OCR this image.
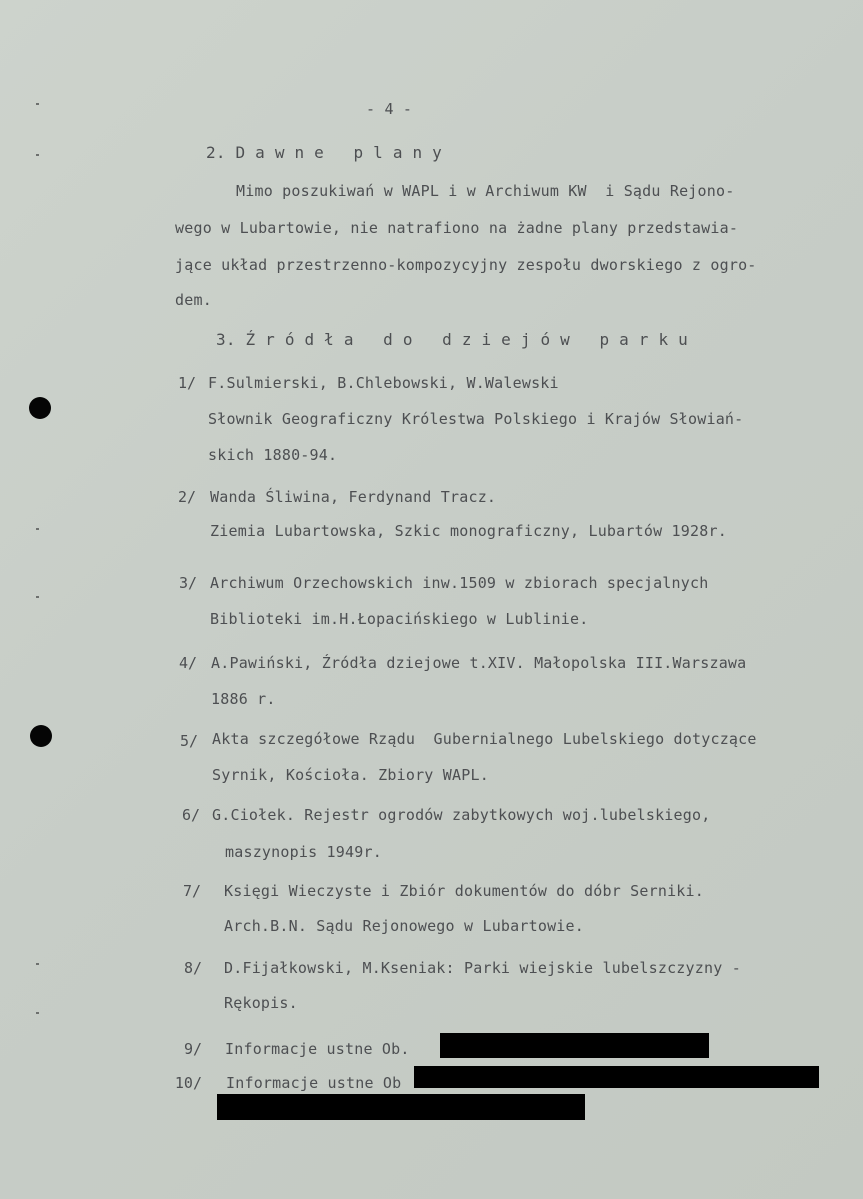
- 4 -
2. D a w n e   p l a n y
Mimo poszukiwań w WAPL i w Archiwum KW  i Sądu Rejono-
wego w Lubartowie, nie natrafiono na żadne plany przedstawia-
jące układ przestrzenno-kompozycyjny zespołu dworskiego z ogro-
dem.
3. Ź r ó d ł a   d o   d z i e j ó w   p a r k u
1/ F.Sulmierski, B.Chlebowski, W.Walewski
Słownik Geograficzny Królestwa Polskiego i Krajów Słowiań-
skich 1880-94.
2/ Wanda Śliwina, Ferdynand Tracz.
Ziemia Lubartowska, Szkic monograficzny, Lubartów 1928r.
3/ Archiwum Orzechowskich inw.1509 w zbiorach specjalnych
Biblioteki im.H.Łopacińskiego w Lublinie.
4/ A.Pawiński, Źródła dziejowe t.XIV. Małopolska III.Warszawa
1886 r.
5/ Akta szczegółowe Rządu  Gubernialnego Lubelskiego dotyczące
Syrnik, Kościoła. Zbiory WAPL.
6/ G.Ciołek. Rejestr ogrodów zabytkowych woj.lubelskiego,
maszynopis 1949r.
7/ Księgi Wieczyste i Zbiór dokumentów do dóbr Serniki.
Arch.B.N. Sądu Rejonowego w Lubartowie.
8/ D.Fijałkowski, M.Kseniak: Parki wiejskie lubelszczyzny -
Rękopis.
9/ Informacje ustne Ob.
10/ Informacje ustne Ob
